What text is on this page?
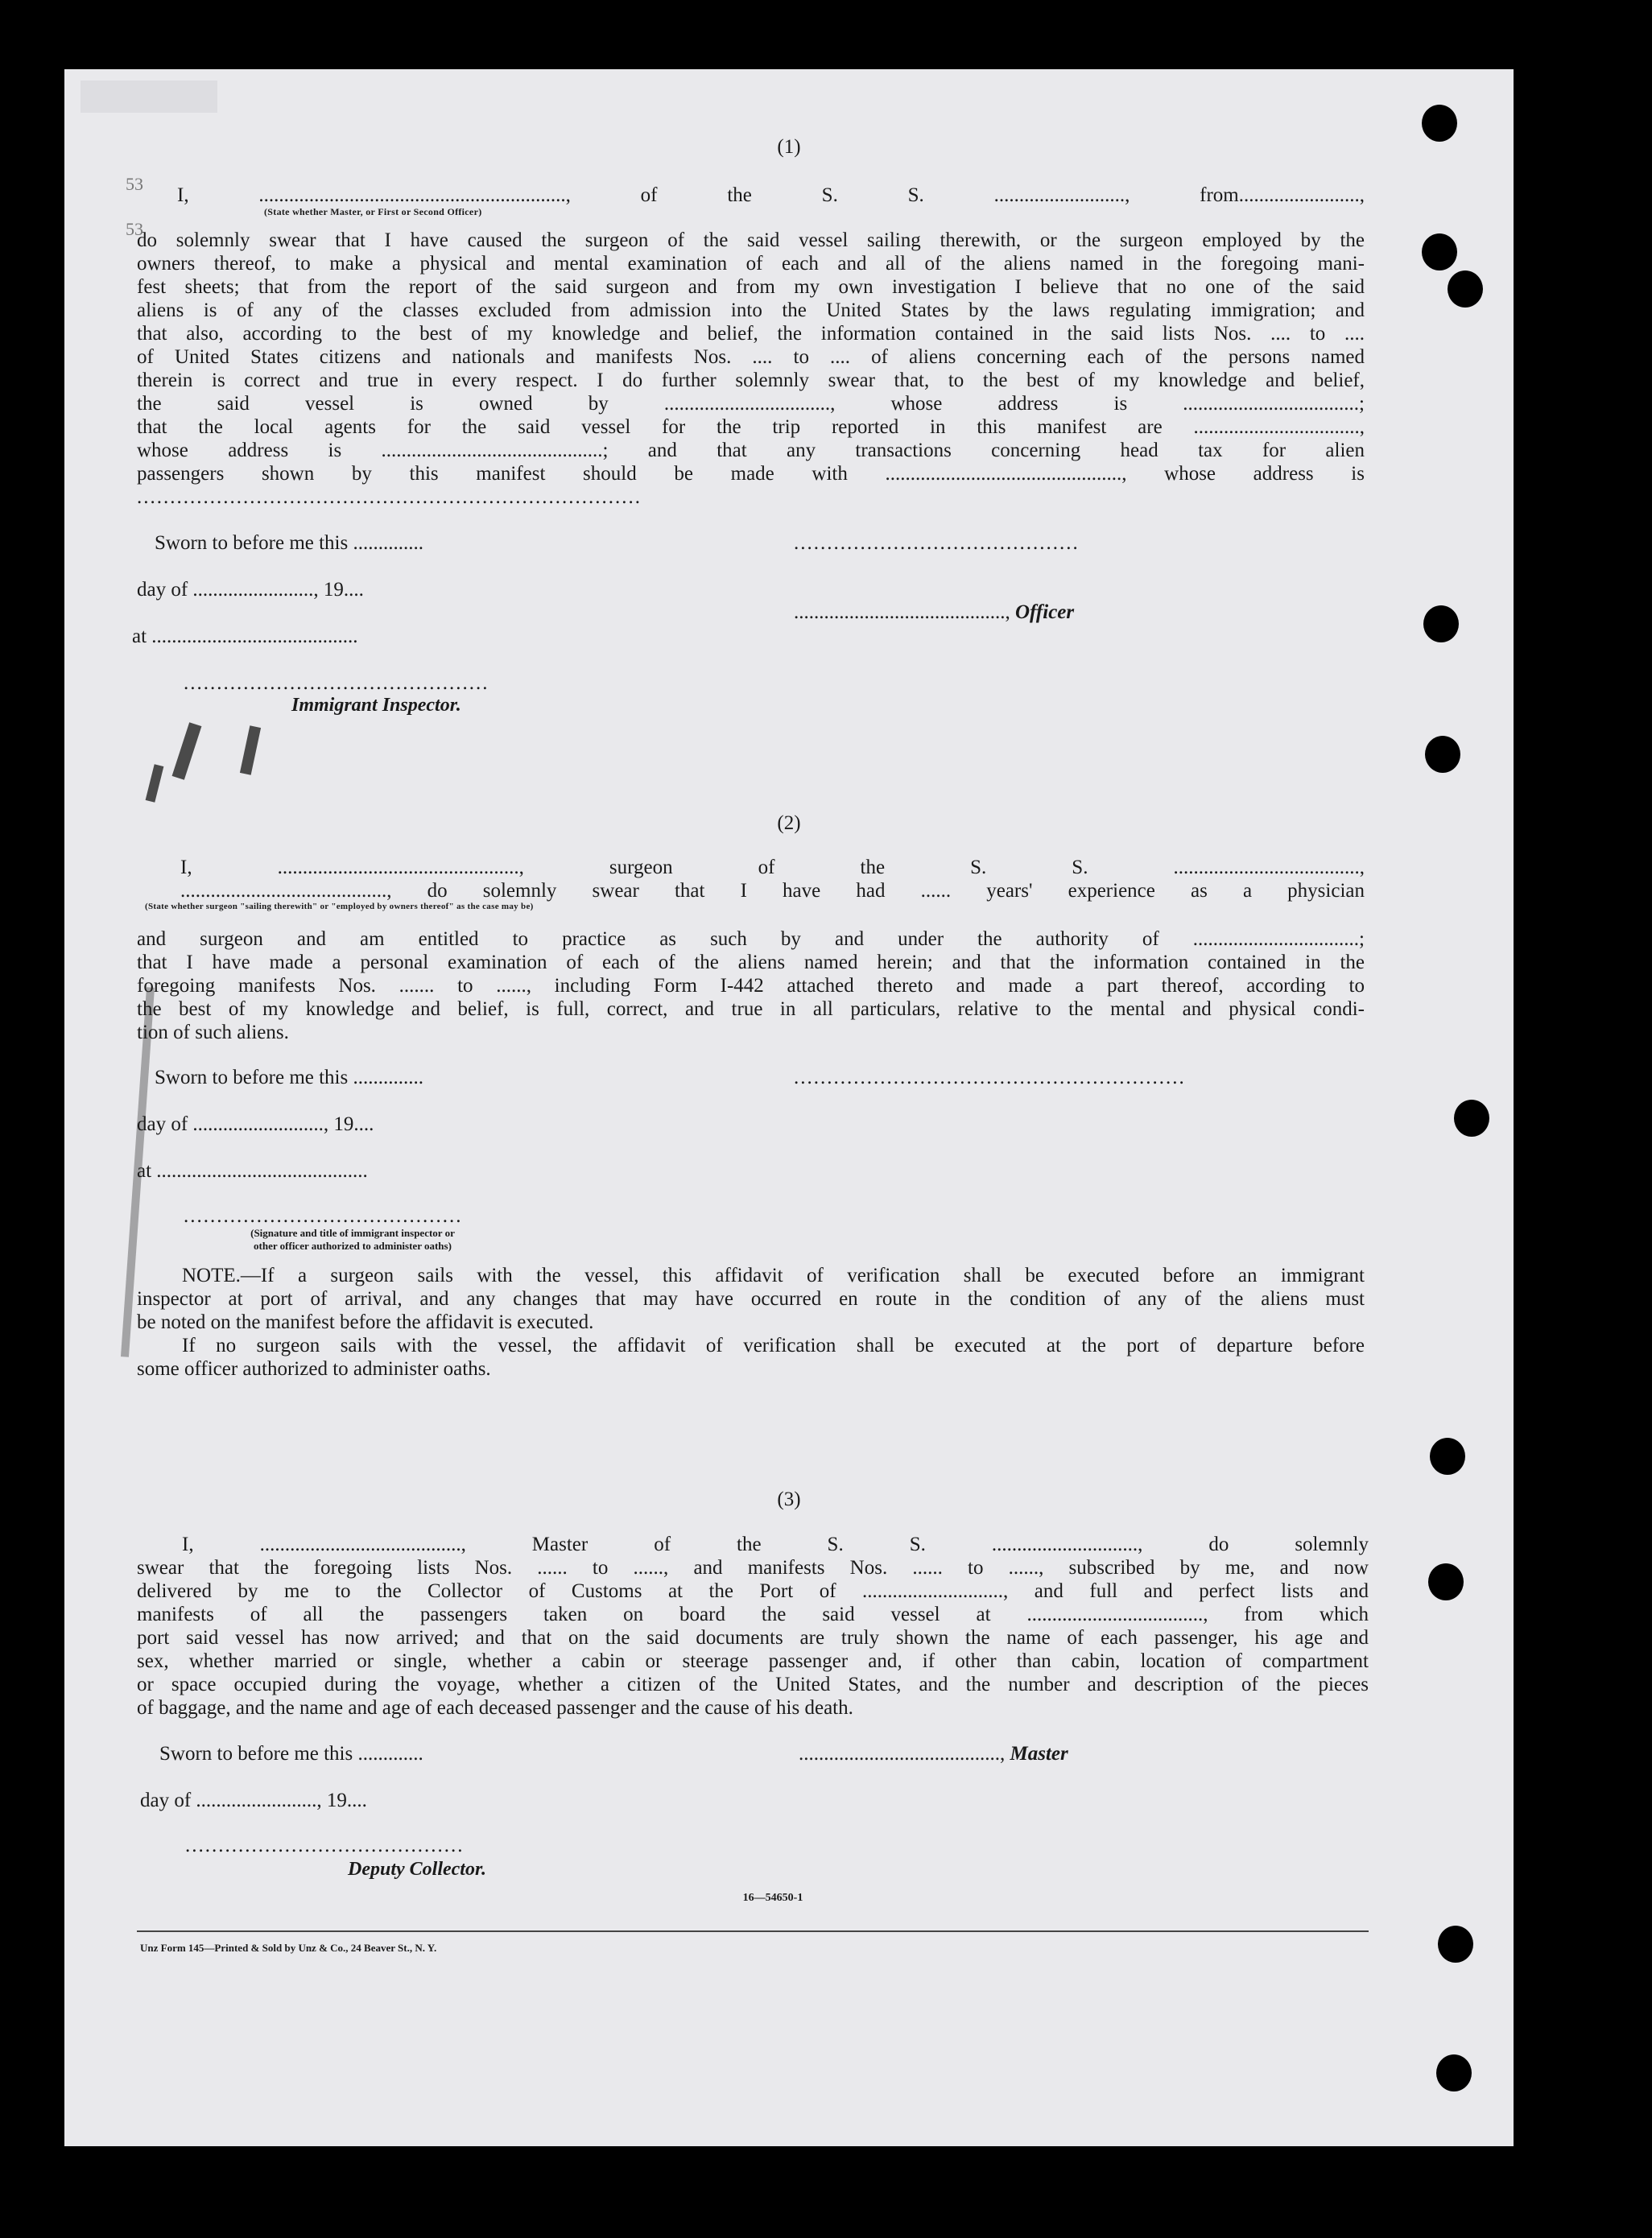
53
53
(1)
I, ............................................................., of the S. S. .........................., from........................,
(State whether Master, or First or Second Officer)
do solemnly swear that I have caused the surgeon of the said vessel sailing therewith, or the surgeon employed by the
owners thereof, to make a physical and mental examination of each and all of the aliens named in the foregoing mani-
fest sheets; that from the report of the said surgeon and from my own investigation I believe that no one of the said
aliens is of any of the classes excluded from admission into the United States by the laws regulating immigration; and
that also, according to the best of my knowledge and belief, the information contained in the said lists Nos. .... to ....
of United States citizens and nationals and manifests Nos. .... to .... of aliens concerning each of the persons named
therein is correct and true in every respect. I do further solemnly swear that, to the best of my knowledge and belief,
the said vessel is owned by ................................., whose address is ...................................;
that the local agents for the said vessel for the trip reported in this manifest are .................................,
whose address is ............................................; and that any transactions concerning head tax for alien
passengers shown by this manifest should be made with ..............................................., whose address is
............................................................................
Sworn to before me this ..............	...........................................
day of ........................, 19....
.........................................., Officer
at .........................................
..............................................
Immigrant Inspector.
(2)
I, ................................................, surgeon of the S. S. .....................................,
........................................., do solemnly swear that I have had ...... years' experience as a physician
(State whether surgeon "sailing therewith" or "employed by owners thereof" as the case may be)
and surgeon and am entitled to practice as such by and under the authority of .................................;
that I have made a personal examination of each of the aliens named herein; and that the information contained in the
foregoing manifests Nos. ....... to ......, including Form I-442 attached thereto and made a part thereof, according to
the best of my knowledge and belief, is full, correct, and true in all particulars, relative to the mental and physical condi-
tion of such aliens.
Sworn to before me this ..............	...........................................................
day of .........................., 19....
at ..........................................
..........................................
(Signature and title of immigrant inspector or
other officer authorized to administer oaths)
NOTE.—If a surgeon sails with the vessel, this affidavit of verification shall be executed before an immigrant
inspector at port of arrival, and any changes that may have occurred en route in the condition of any of the aliens must
be noted on the manifest before the affidavit is executed.
If no surgeon sails with the vessel, the affidavit of verification shall be executed at the port of departure before
some officer authorized to administer oaths.
(3)
I, ........................................, Master of the S. S. ............................., do solemnly
swear that the foregoing lists Nos. ...... to ......, and manifests Nos. ...... to ......, subscribed by me, and now
delivered by me to the Collector of Customs at the Port of ............................, and full and perfect lists and
manifests of all the passengers taken on board the said vessel at ..................................., from which
port said vessel has now arrived; and that on the said documents are truly shown the name of each passenger, his age and
sex, whether married or single, whether a cabin or steerage passenger and, if other than cabin, location of compartment
or space occupied during the voyage, whether a citizen of the United States, and the number and description of the pieces
of baggage, and the name and age of each deceased passenger and the cause of his death.
Sworn to before me this .............	........................................, Master
day of ........................, 19....
..........................................
Deputy Collector.
16—54650-1
Unz Form 145—Printed & Sold by Unz & Co., 24 Beaver St., N. Y.
